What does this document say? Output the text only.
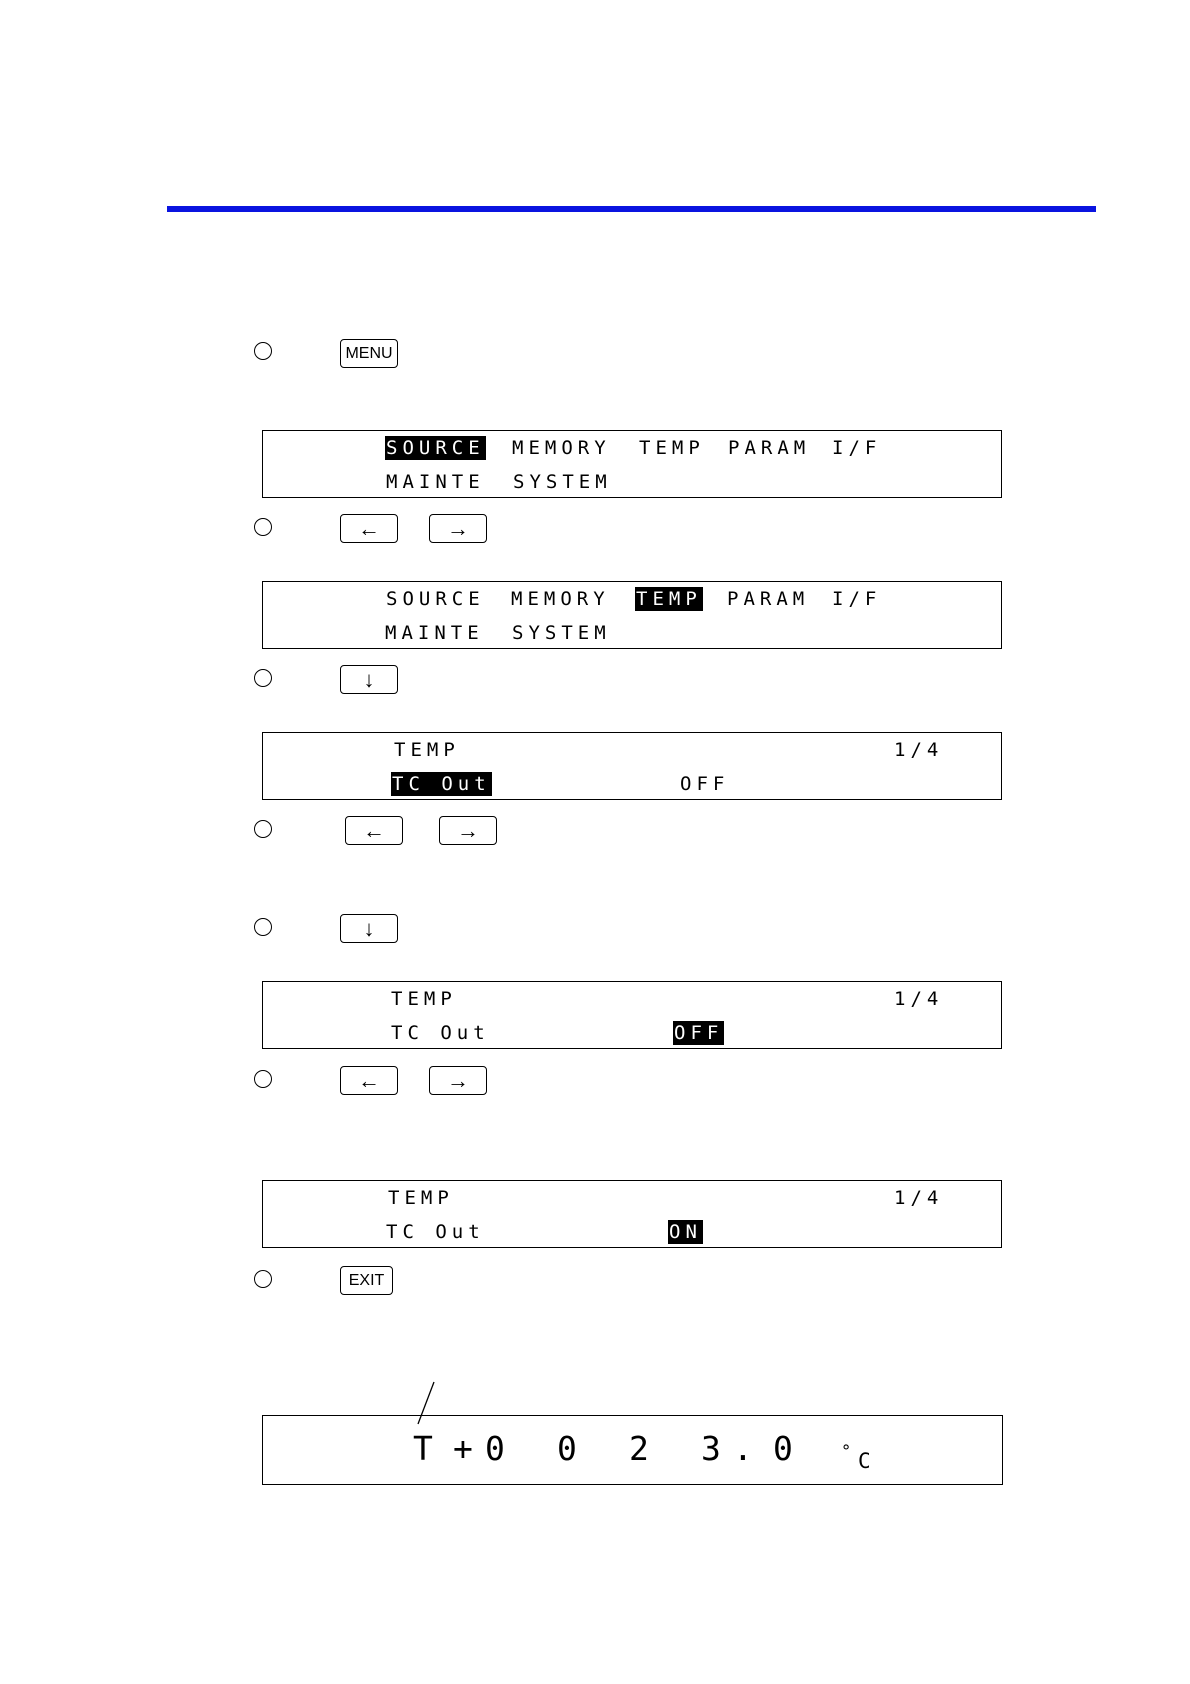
MENU
SOURCE MEMORY TEMP PARAM I/F
MAINTE SYSTEM
←	→
SOURCE MEMORY TEMP PARAM I/F
MAINTE SYSTEM
↓
TEMP	1/4
TC Out	OFF
←	→
↓
TEMP	1/4
TC Out	OFF
←	→
TEMP	1/4
TC Out	ON
EXIT
T + 0 0 2 3 . 0	° C
